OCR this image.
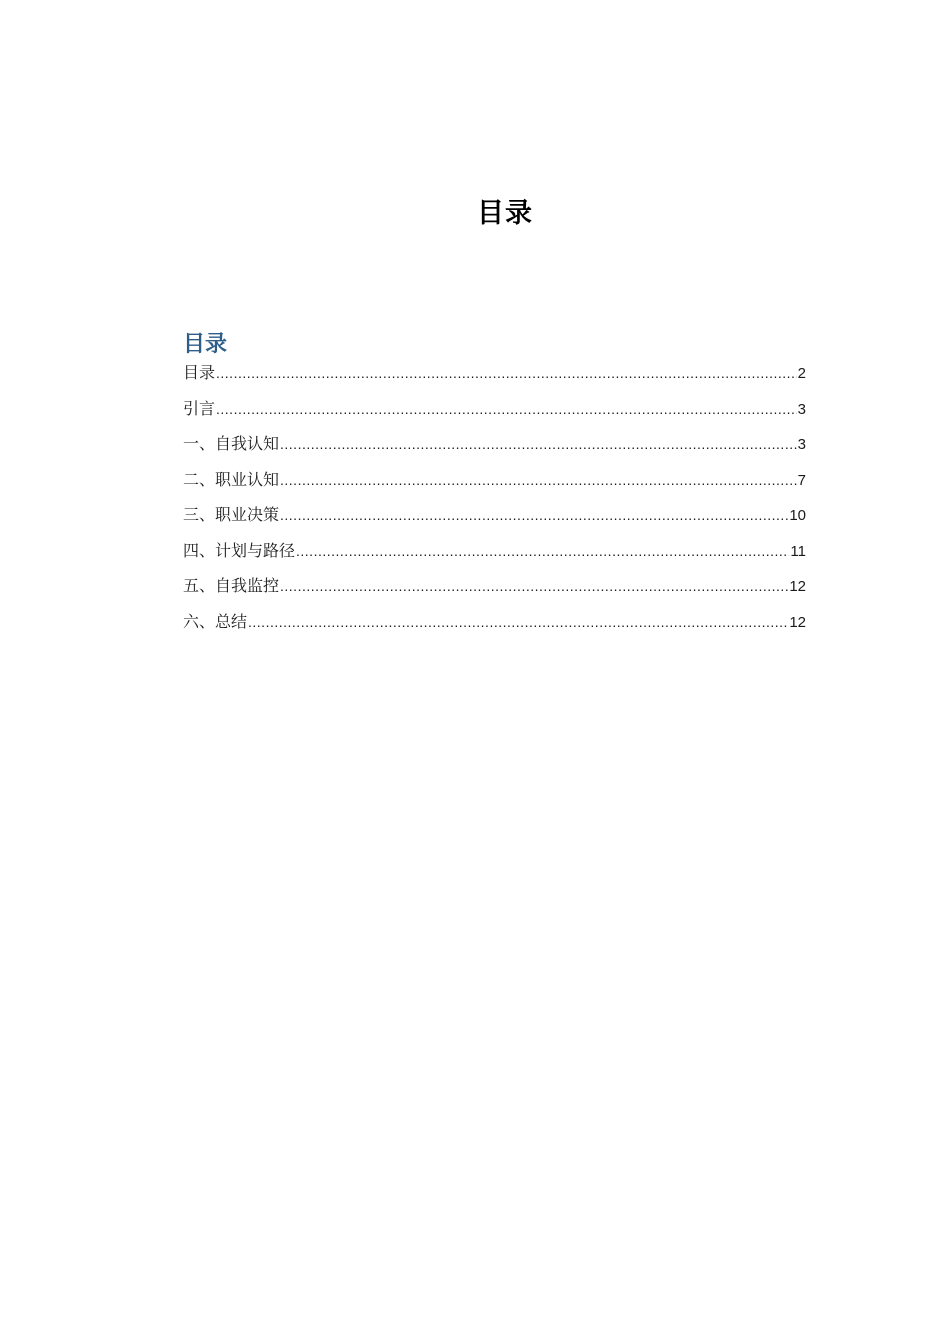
目录
目录
目录 .....	2
引言 .....	3
一、自我认知 .....	3
二、职业认知 .....	7
三、职业决策 .....	10
四、计划与路径 .....	11
五、自我监控 .....	12
六、总结 .....	12
